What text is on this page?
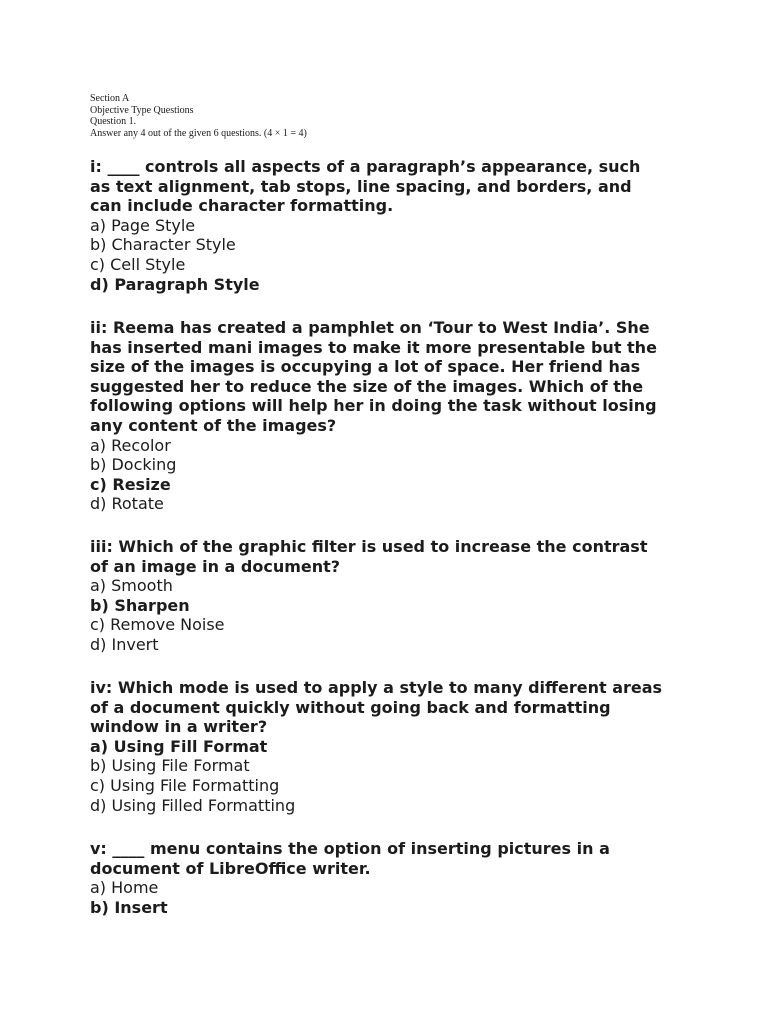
Section A
Objective Type Questions
Question 1.
Answer any 4 out of the given 6 questions. (4 × 1 = 4)
i: ____ controls all aspects of a paragraph’s appearance, such
as text alignment, tab stops, line spacing, and borders, and
can include character formatting.
a) Page Style
b) Character Style
c) Cell Style
d) Paragraph Style
ii: Reema has created a pamphlet on ‘Tour to West India’. She
has inserted mani images to make it more presentable but the
size of the images is occupying a lot of space. Her friend has
suggested her to reduce the size of the images. Which of the
following options will help her in doing the task without losing
any content of the images?
a) Recolor
b) Docking
c) Resize
d) Rotate
iii: Which of the graphic filter is used to increase the contrast
of an image in a document?
a) Smooth
b) Sharpen
c) Remove Noise
d) Invert
iv: Which mode is used to apply a style to many different areas
of a document quickly without going back and formatting
window in a writer?
a) Using Fill Format
b) Using File Format
c) Using File Formatting
d) Using Filled Formatting
v: ____ menu contains the option of inserting pictures in a
document of LibreOffice writer.
a) Home
b) Insert
